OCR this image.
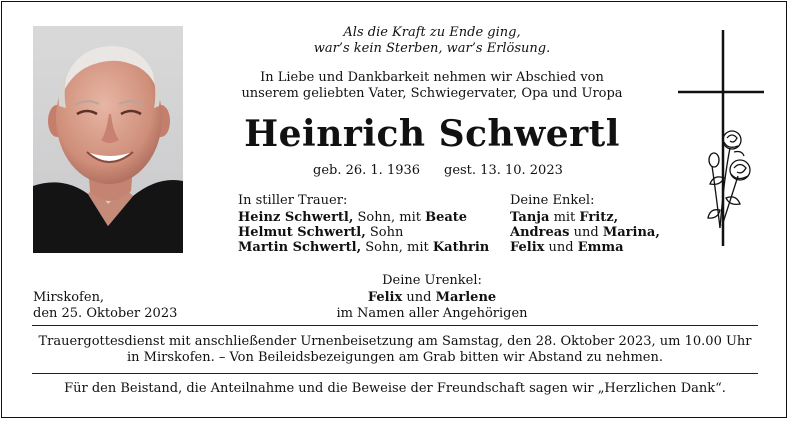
Als die Kraft zu Ende ging,
war’s kein Sterben, war’s Erlösung.
In Liebe und Dankbarkeit nehmen wir Abschied von
unserem geliebten Vater, Schwiegervater, Opa und Uropa
Heinrich Schwertl
geb. 26. 1. 1936 gest. 13. 10. 2023
In stiller Trauer:
Heinz Schwertl, Sohn, mit Beate
Helmut Schwertl, Sohn
Martin Schwertl, Sohn, mit Kathrin
Deine Enkel:
Tanja mit Fritz,
Andreas und Marina,
Felix und Emma
Deine Urenkel:
Felix und Marlene
im Namen aller Angehörigen
Mirskofen,
den 25. Oktober 2023
Trauergottesdienst mit anschließender Urnenbeisetzung am Samstag, den 28. Oktober 2023, um 10.00 Uhr
in Mirskofen. – Von Beileidsbezeigungen am Grab bitten wir Abstand zu nehmen.
Für den Beistand, die Anteilnahme und die Beweise der Freundschaft sagen wir „Herzlichen Dank“.
